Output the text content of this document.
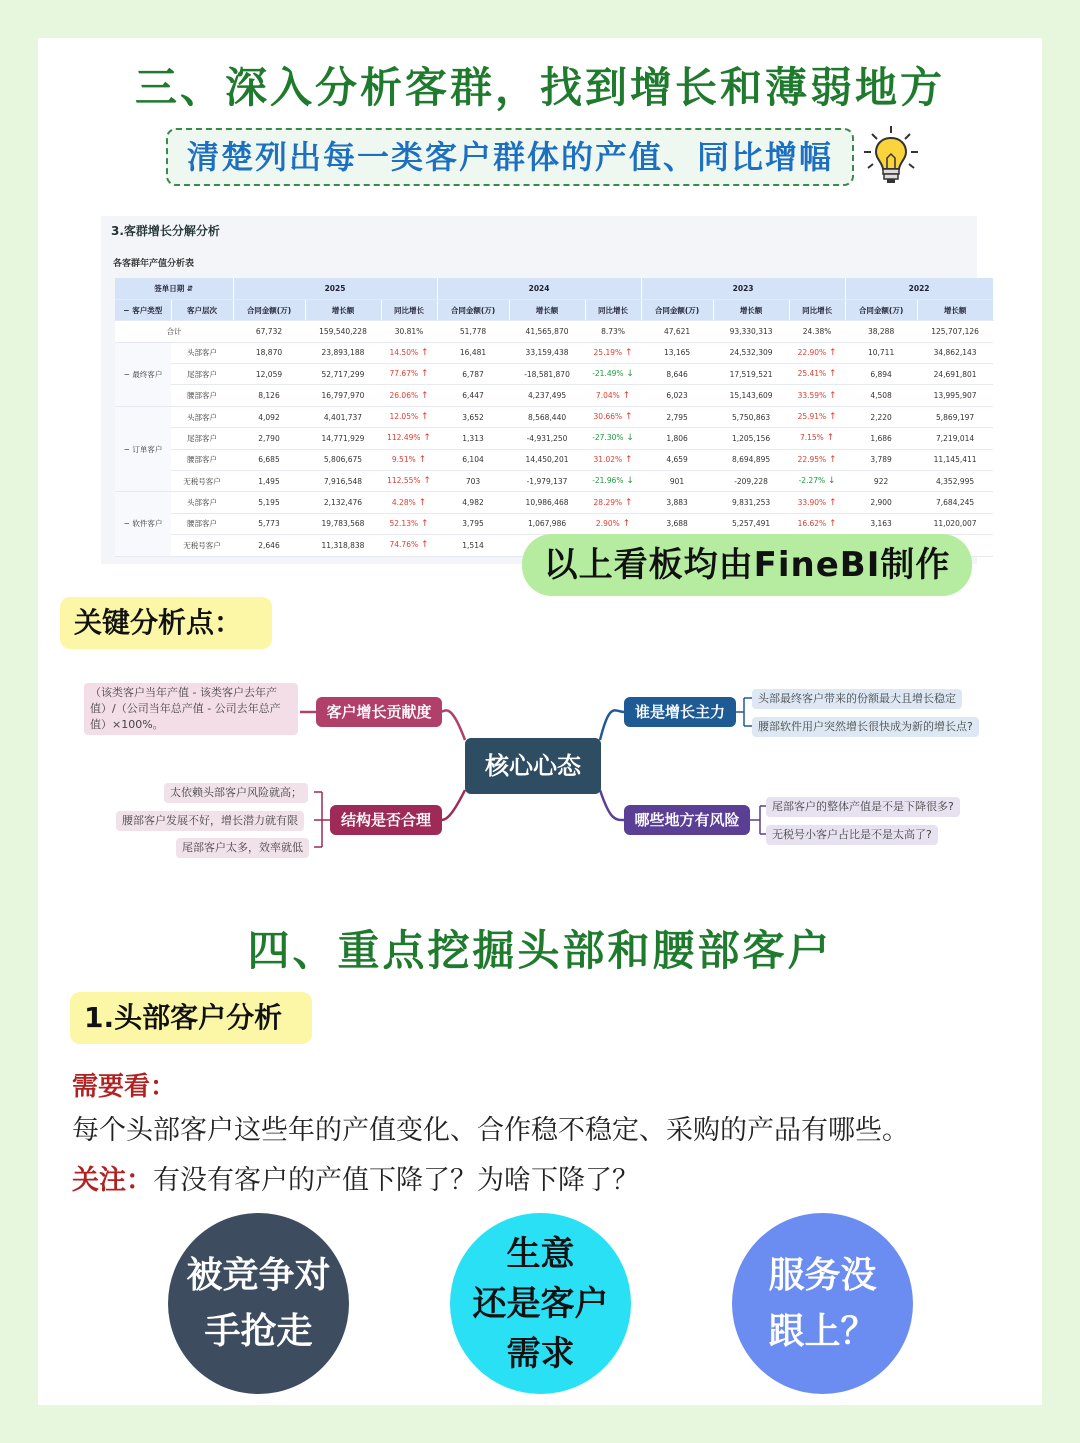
三、深入分析客群，找到增长和薄弱地方
清楚列出每一类客户群体的产值、同比增幅
3.客群增长分解分析
各客群年产值分析表
签单日期 ⇵		2025			2024			2023			2022	
− 客户类型	客户层次	合同金额(万)	增长额	同比增长	合同金额(万)	增长额	同比增长	合同金额(万)	增长额	同比增长	合同金额(万)	增长额
合计		67,732	159,540,228	30.81%	51,778	41,565,870	8.73%	47,621	93,330,313	24.38%	38,288	125,707,126
− 最终客户	头部客户	18,870	23,893,188	14.50% ↑	16,481	33,159,438	25.19% ↑	13,165	24,532,309	22.90% ↑	10,711	34,862,143
	尾部客户	12,059	52,717,299	77.67% ↑	6,787	-18,581,870	-21.49% ↓	8,646	17,519,521	25.41% ↑	6,894	24,691,801
	腰部客户	8,126	16,797,970	26.06% ↑	6,447	4,237,495	7.04% ↑	6,023	15,143,609	33.59% ↑	4,508	13,995,907
− 订单客户	头部客户	4,092	4,401,737	12.05% ↑	3,652	8,568,440	30.66% ↑	2,795	5,750,863	25.91% ↑	2,220	5,869,197
	尾部客户	2,790	14,771,929	112.49% ↑	1,313	-4,931,250	-27.30% ↓	1,806	1,205,156	7.15% ↑	1,686	7,219,014
	腰部客户	6,685	5,806,675	9.51% ↑	6,104	14,450,201	31.02% ↑	4,659	8,694,895	22.95% ↑	3,789	11,145,411
	无税号客户	1,495	7,916,548	112.55% ↑	703	-1,979,137	-21.96% ↓	901	-209,228	-2.27% ↓	922	4,352,995
− 软件客户	头部客户	5,195	2,132,476	4.28% ↑	4,982	10,986,468	28.29% ↑	3,883	9,831,253	33.90% ↑	2,900	7,684,245
	腰部客户	5,773	19,783,568	52.13% ↑	3,795	1,067,986	2.90% ↑	3,688	5,257,491	16.62% ↑	3,163	11,020,007
	无税号客户	2,646	11,318,838	74.76% ↑	1,514								以上看板均由FineBI制作
关键分析点：
核心心态
客户增长贡献度
结构是否合理
谁是增长主力
哪些地方有风险
（该类客户当年产值 - 该类客户去年产值）/（公司当年总产值 - 公司去年总产值）×100%。
太依赖头部客户风险就高；
腰部客户发展不好，增长潜力就有限
尾部客户太多，效率就低
头部最终客户带来的份额最大且增长稳定
腰部软件用户突然增长很快成为新的增长点?
尾部客户的整体产值是不是下降很多?
无税号小客户占比是不是太高了?
四、重点挖掘头部和腰部客户
1.头部客户分析
需要看：
每个头部客户这些年的产值变化、合作稳不稳定、采购的产品有哪些。
关注：有没有客户的产值下降了？为啥下降了？
被竞争对
手抢走
生意
还是客户
需求
服务没
跟上？
